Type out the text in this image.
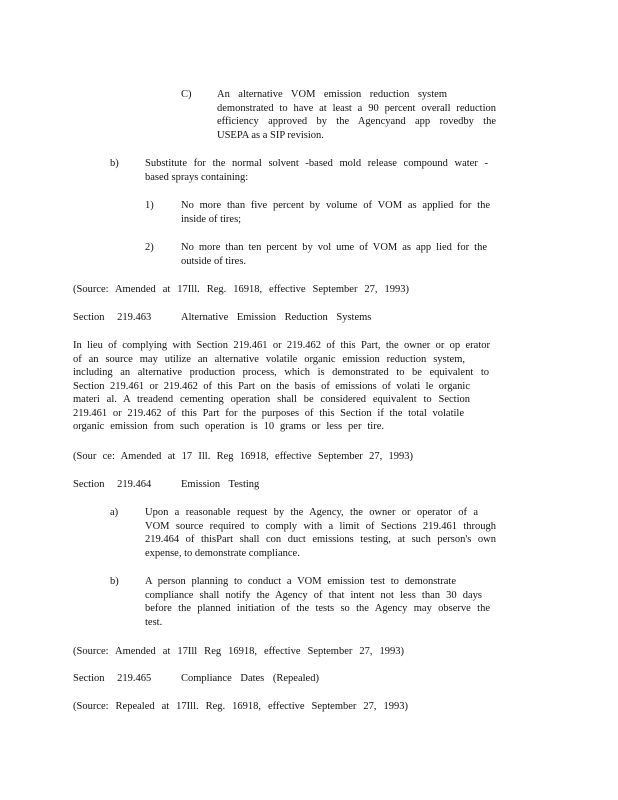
C) An alternative VOM emission reduction system
demonstrated to have at least a 90 percent overall reduction
efficiency approved by the Agencyand app rovedby the
USEPA as a SIP revision.
b)	Substitute for the normal solvent -based mold release compound water -
based sprays containing:
1)	No more than five percent by volume of VOM as applied for the
inside of tires;
2)	No more than ten percent by vol ume of VOM as app lied for the
outside of tires.
(Source: Amended at 17Ill. Reg. 16918, effective September 27, 1993)
Section 219.463	Alternative Emission Reduction Systems
In lieu of complying with Section 219.461 or 219.462 of this Part, the owner or op erator
of an source may utilize an alternative volatile organic emission reduction system,
including an alternative production process, which is demonstrated to be equivalent to
Section 219.461 or 219.462 of this Part on the basis of emissions of volati le organic
materi al. A treadend cementing operation shall be considered equivalent to Section
219.461 or 219.462 of this Part for the purposes of this Section if the total volatile
organic emission from such operation is 10 grams or less per tire.
(Sour ce: Amended at 17 Ill. Reg 16918, effective September 27, 1993)
Section 219.464	Emission Testing
a)	Upon a reasonable request by the Agency, the owner or operator of a
VOM source required to comply with a limit of Sections 219.461 through
219.464 of thisPart shall con duct emissions testing, at such person's own
expense, to demonstrate compliance.
b)	A person planning to conduct a VOM emission test to demonstrate
compliance shall notify the Agency of that intent not less than 30 days
before the planned initiation of the tests so the Agency may observe the
test.
(Source: Amended at 17Ill Reg 16918, effective September 27, 1993)
Section 219.465	Compliance Dates (Repealed)
(Source: Repealed at 17Ill. Reg. 16918, effective September 27, 1993)
